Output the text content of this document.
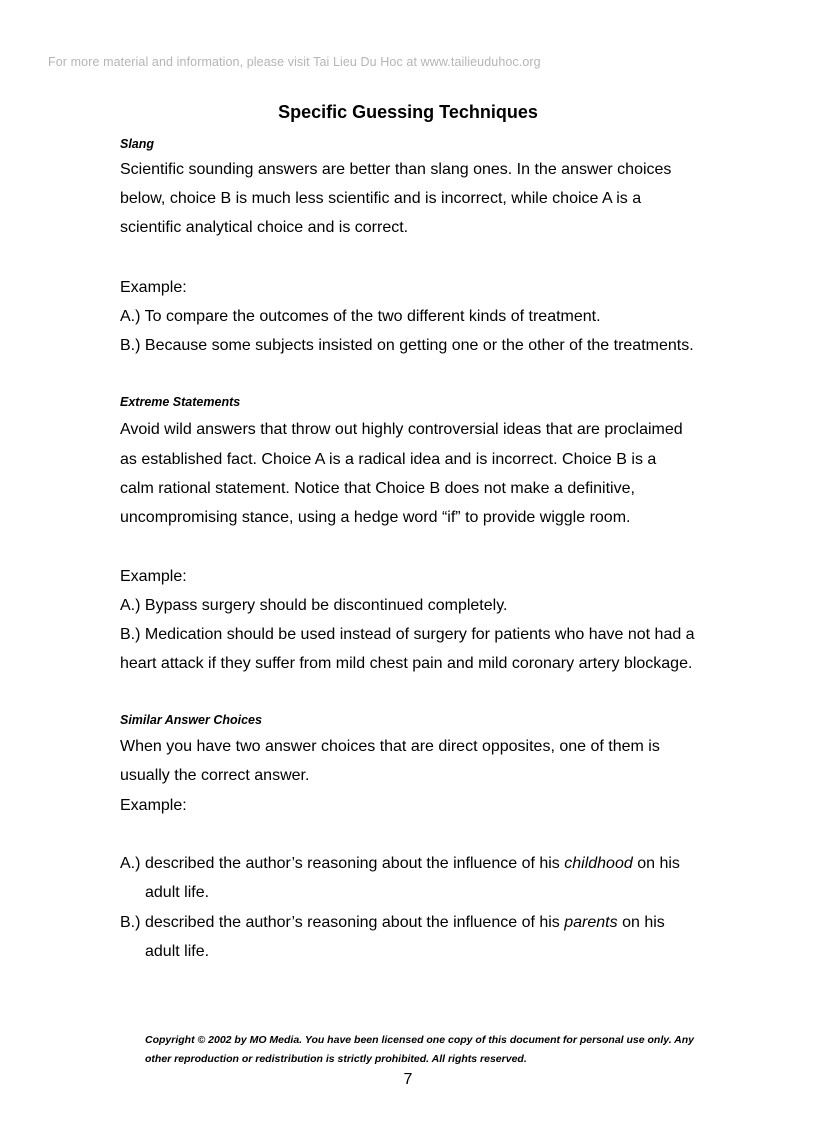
For more material and information, please visit Tai Lieu Du Hoc at www.tailieuduhoc.org
Specific Guessing Techniques
Slang
Scientific sounding answers are better than slang ones. In the answer choices
below, choice B is much less scientific and is incorrect, while choice A is a
scientific analytical choice and is correct.
Example:
A.) To compare the outcomes of the two different kinds of treatment.
B.) Because some subjects insisted on getting one or the other of the treatments.
Extreme Statements
Avoid wild answers that throw out highly controversial ideas that are proclaimed
as established fact. Choice A is a radical idea and is incorrect. Choice B is a
calm rational statement. Notice that Choice B does not make a definitive,
uncompromising stance, using a hedge word “if” to provide wiggle room.
Example:
A.) Bypass surgery should be discontinued completely.
B.) Medication should be used instead of surgery for patients who have not had a
heart attack if they suffer from mild chest pain and mild coronary artery blockage.
Similar Answer Choices
When you have two answer choices that are direct opposites, one of them is
usually the correct answer.
Example:
A.) described the author’s reasoning about the influence of his childhood on his
adult life.
B.) described the author’s reasoning about the influence of his parents on his
adult life.
Copyright © 2002 by MO Media. You have been licensed one copy of this document for personal use only. Any
other reproduction or redistribution is strictly prohibited. All rights reserved.
7
